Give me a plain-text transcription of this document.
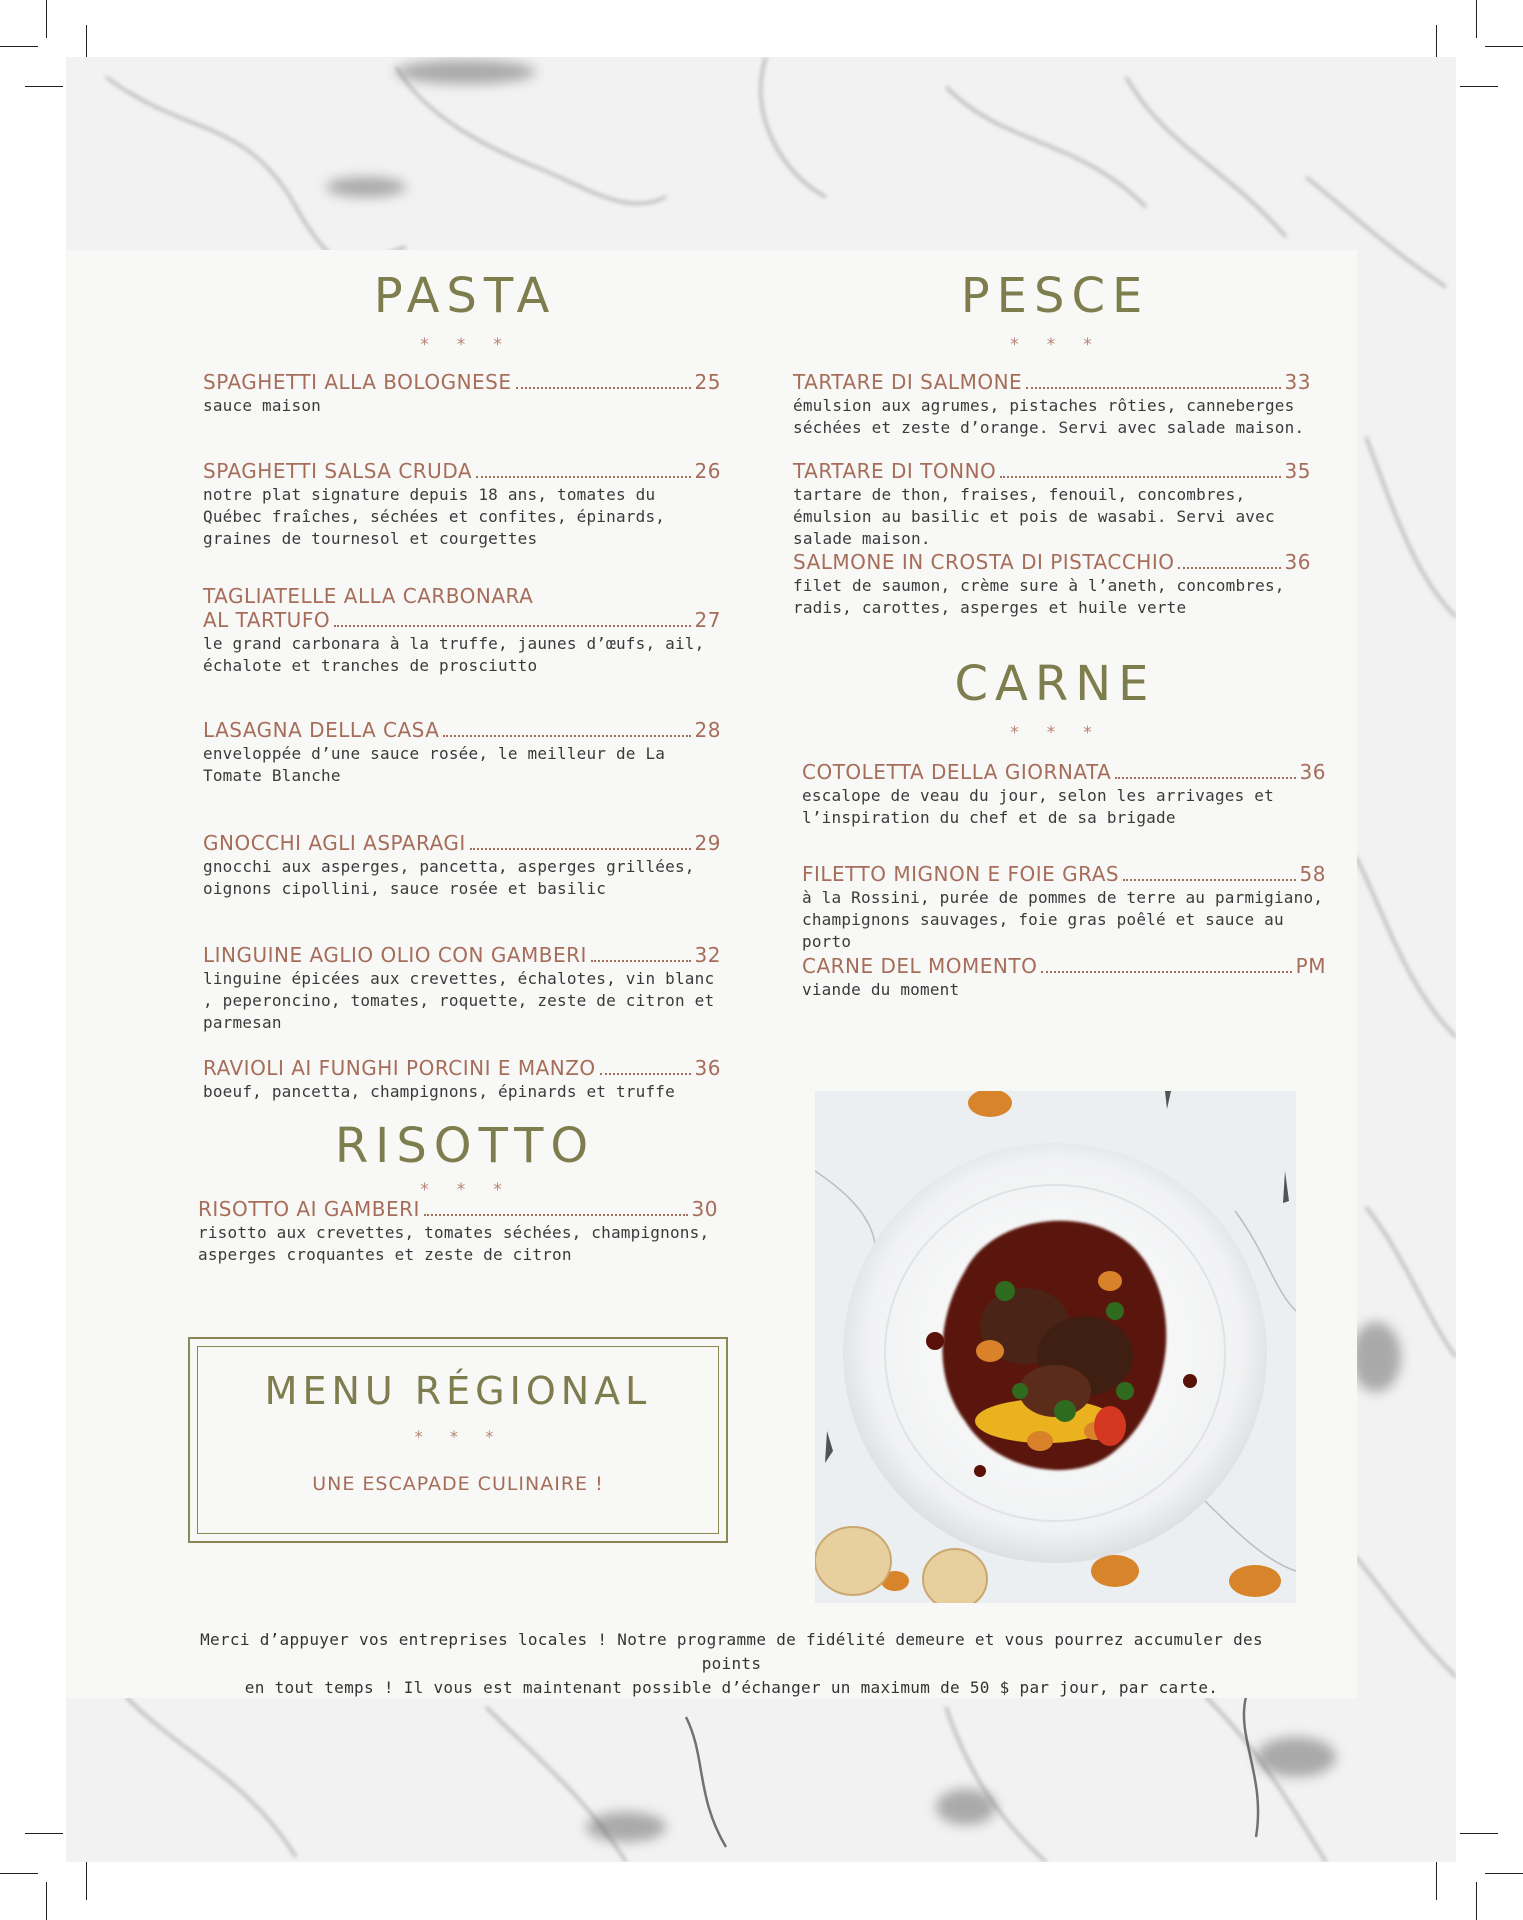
PASTA
* * *
SPAGHETTI ALLA BOLOGNESE	25
sauce maison
SPAGHETTI SALSA CRUDA	26
notre plat signature depuis 18 ans, tomates du Québec fraîches, séchées et confites, épinards, graines de tournesol et courgettes
TAGLIATELLE ALLA CARBONARA
AL TARTUFO	27
le grand carbonara à la truffe, jaunes d’œufs, ail, échalote et tranches de prosciutto
LASAGNA DELLA CASA	28
enveloppée d’une sauce rosée, le meilleur de La Tomate Blanche
GNOCCHI AGLI ASPARAGI	29
gnocchi aux asperges, pancetta, asperges grillées, oignons cipollini, sauce rosée et basilic
LINGUINE AGLIO OLIO CON GAMBERI	32
linguine épicées aux crevettes, échalotes, vin blanc , peperoncino, tomates, roquette, zeste de citron et parmesan
RAVIOLI AI FUNGHI PORCINI E MANZO	36
boeuf, pancetta, champignons, épinards et truffe
RISOTTO
* * *
RISOTTO AI GAMBERI	30
risotto aux crevettes, tomates séchées, champignons, asperges croquantes et zeste de citron
MENU RÉGIONAL
* * *
UNE ESCAPADE CULINAIRE !
PESCE
* * *
TARTARE DI SALMONE	33
émulsion aux agrumes, pistaches rôties, canneberges séchées et zeste d’orange. Servi avec salade maison.
TARTARE DI TONNO	35
tartare de thon, fraises, fenouil, concombres, émulsion au basilic et pois de wasabi. Servi avec salade maison.
SALMONE IN CROSTA DI PISTACCHIO	36
filet de saumon, crème sure à l’aneth, concombres, radis, carottes, asperges et huile verte
CARNE
* * *
COTOLETTA DELLA GIORNATA	36
escalope de veau du jour, selon les arrivages et l’inspiration du chef et de sa brigade
FILETTO MIGNON E FOIE GRAS	58
à la Rossini, purée de pommes de terre au parmigiano, champignons sauvages, foie gras poêlé et sauce au porto
CARNE DEL MOMENTO	PM
viande du moment
Merci d’appuyer vos entreprises locales ! Notre programme de fidélité demeure et vous pourrez accumuler des points
en tout temps ! Il vous est maintenant possible d’échanger un maximum de 50 $ par jour, par carte.
